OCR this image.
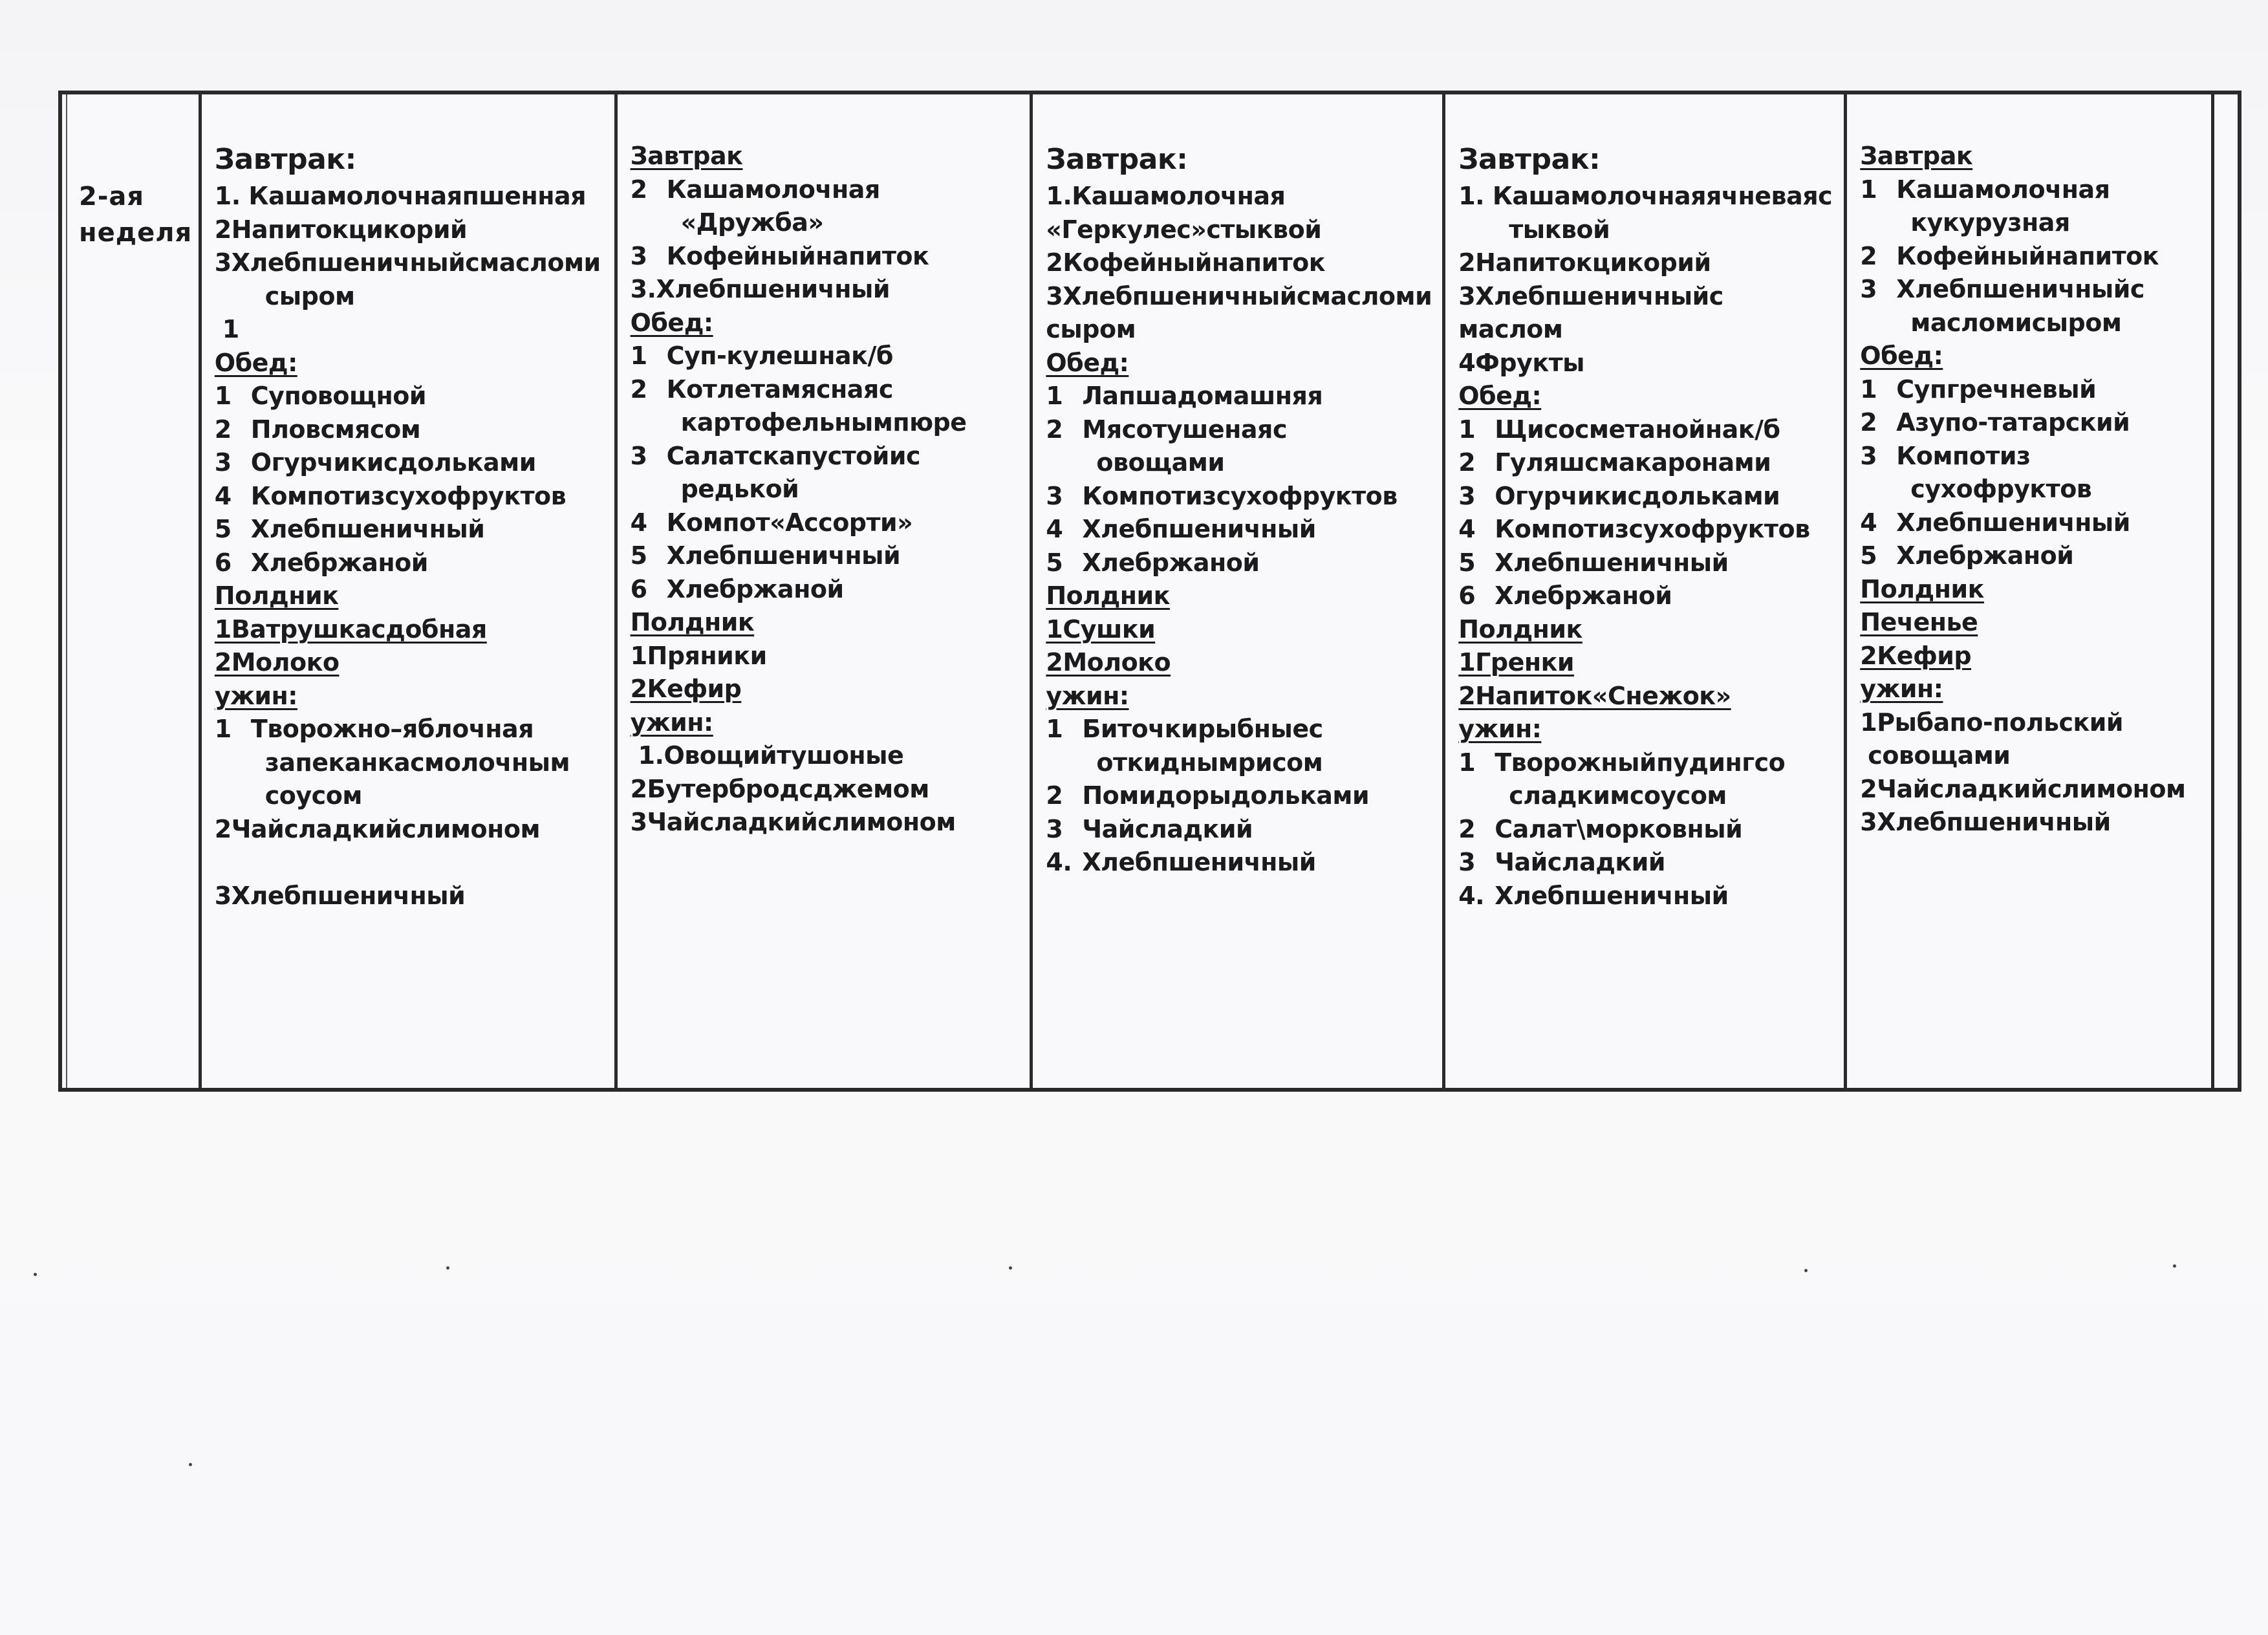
2-ая
неделя
Завтрак:
1. Кашамолочнаяпшенная
2Напитокцикорий
3Хлебпшеничныйсмасломи
сыром
1
Обед:
1 Суповощной
2 Пловсмясом
3 Огурчикисдольками
4 Компотизсухофруктов
5 Хлебпшеничный
6 Хлебржаной
Полдник
1Ватрушкасдобная
2Молоко
ужин:
1 Творожно–яблочная
запеканкасмолочным
соусом
2Чайсладкийслимоном
3Хлебпшеничный
Завтрак
2 Кашамолочная
«Дружба»
3 Кофейныйнапиток
3.Хлебпшеничный
Обед:
1 Суп-кулешнак/б
2 Котлетамяснаяс
картофельнымпюре
3 Салатскапустойис
редькой
4 Компот«Ассорти»
5 Хлебпшеничный
6 Хлебржаной
Полдник
1Пряники
2Кефир
ужин:
1.Овощийтушоные
2Бутербродсджемом
3Чайсладкийслимоном
Завтрак:
1.Кашамолочная
«Геркулес»стыквой
2Кофейныйнапиток
3Хлебпшеничныйсмасломи
сыром
Обед:
1 Лапшадомашняя
2 Мясотушенаяс
овощами
3 Компотизсухофруктов
4 Хлебпшеничный
5 Хлебржаной
Полдник
1Сушки
2Молоко
ужин:
1 Биточкирыбныес
откиднымрисом
2 Помидорыдольками
3 Чайсладкий
4. Хлебпшеничный
Завтрак:
1. Кашамолочнаяячневаяс
тыквой
2Напитокцикорий
3Хлебпшеничныйс
маслом
4Фрукты
Обед:
1 Щисосметанойнак/б
2 Гуляшсмакаронами
3 Огурчикисдольками
4 Компотизсухофруктов
5 Хлебпшеничный
6 Хлебржаной
Полдник
1Гренки
2Напиток«Снежок»
ужин:
1 Творожныйпудингсо
сладкимсоусом
2 Салат\морковный
3 Чайсладкий
4. Хлебпшеничный
Завтрак
1 Кашамолочная
кукурузная
2 Кофейныйнапиток
3 Хлебпшеничныйс
масломисыром
Обед:
1 Супгречневый
2 Азупо-татарский
3 Компотиз
сухофруктов
4 Хлебпшеничный
5 Хлебржаной
Полдник
Печенье
2Кефир
ужин:
1Рыбапо-польский
совощами
2Чайсладкийслимоном
3Хлебпшеничный
